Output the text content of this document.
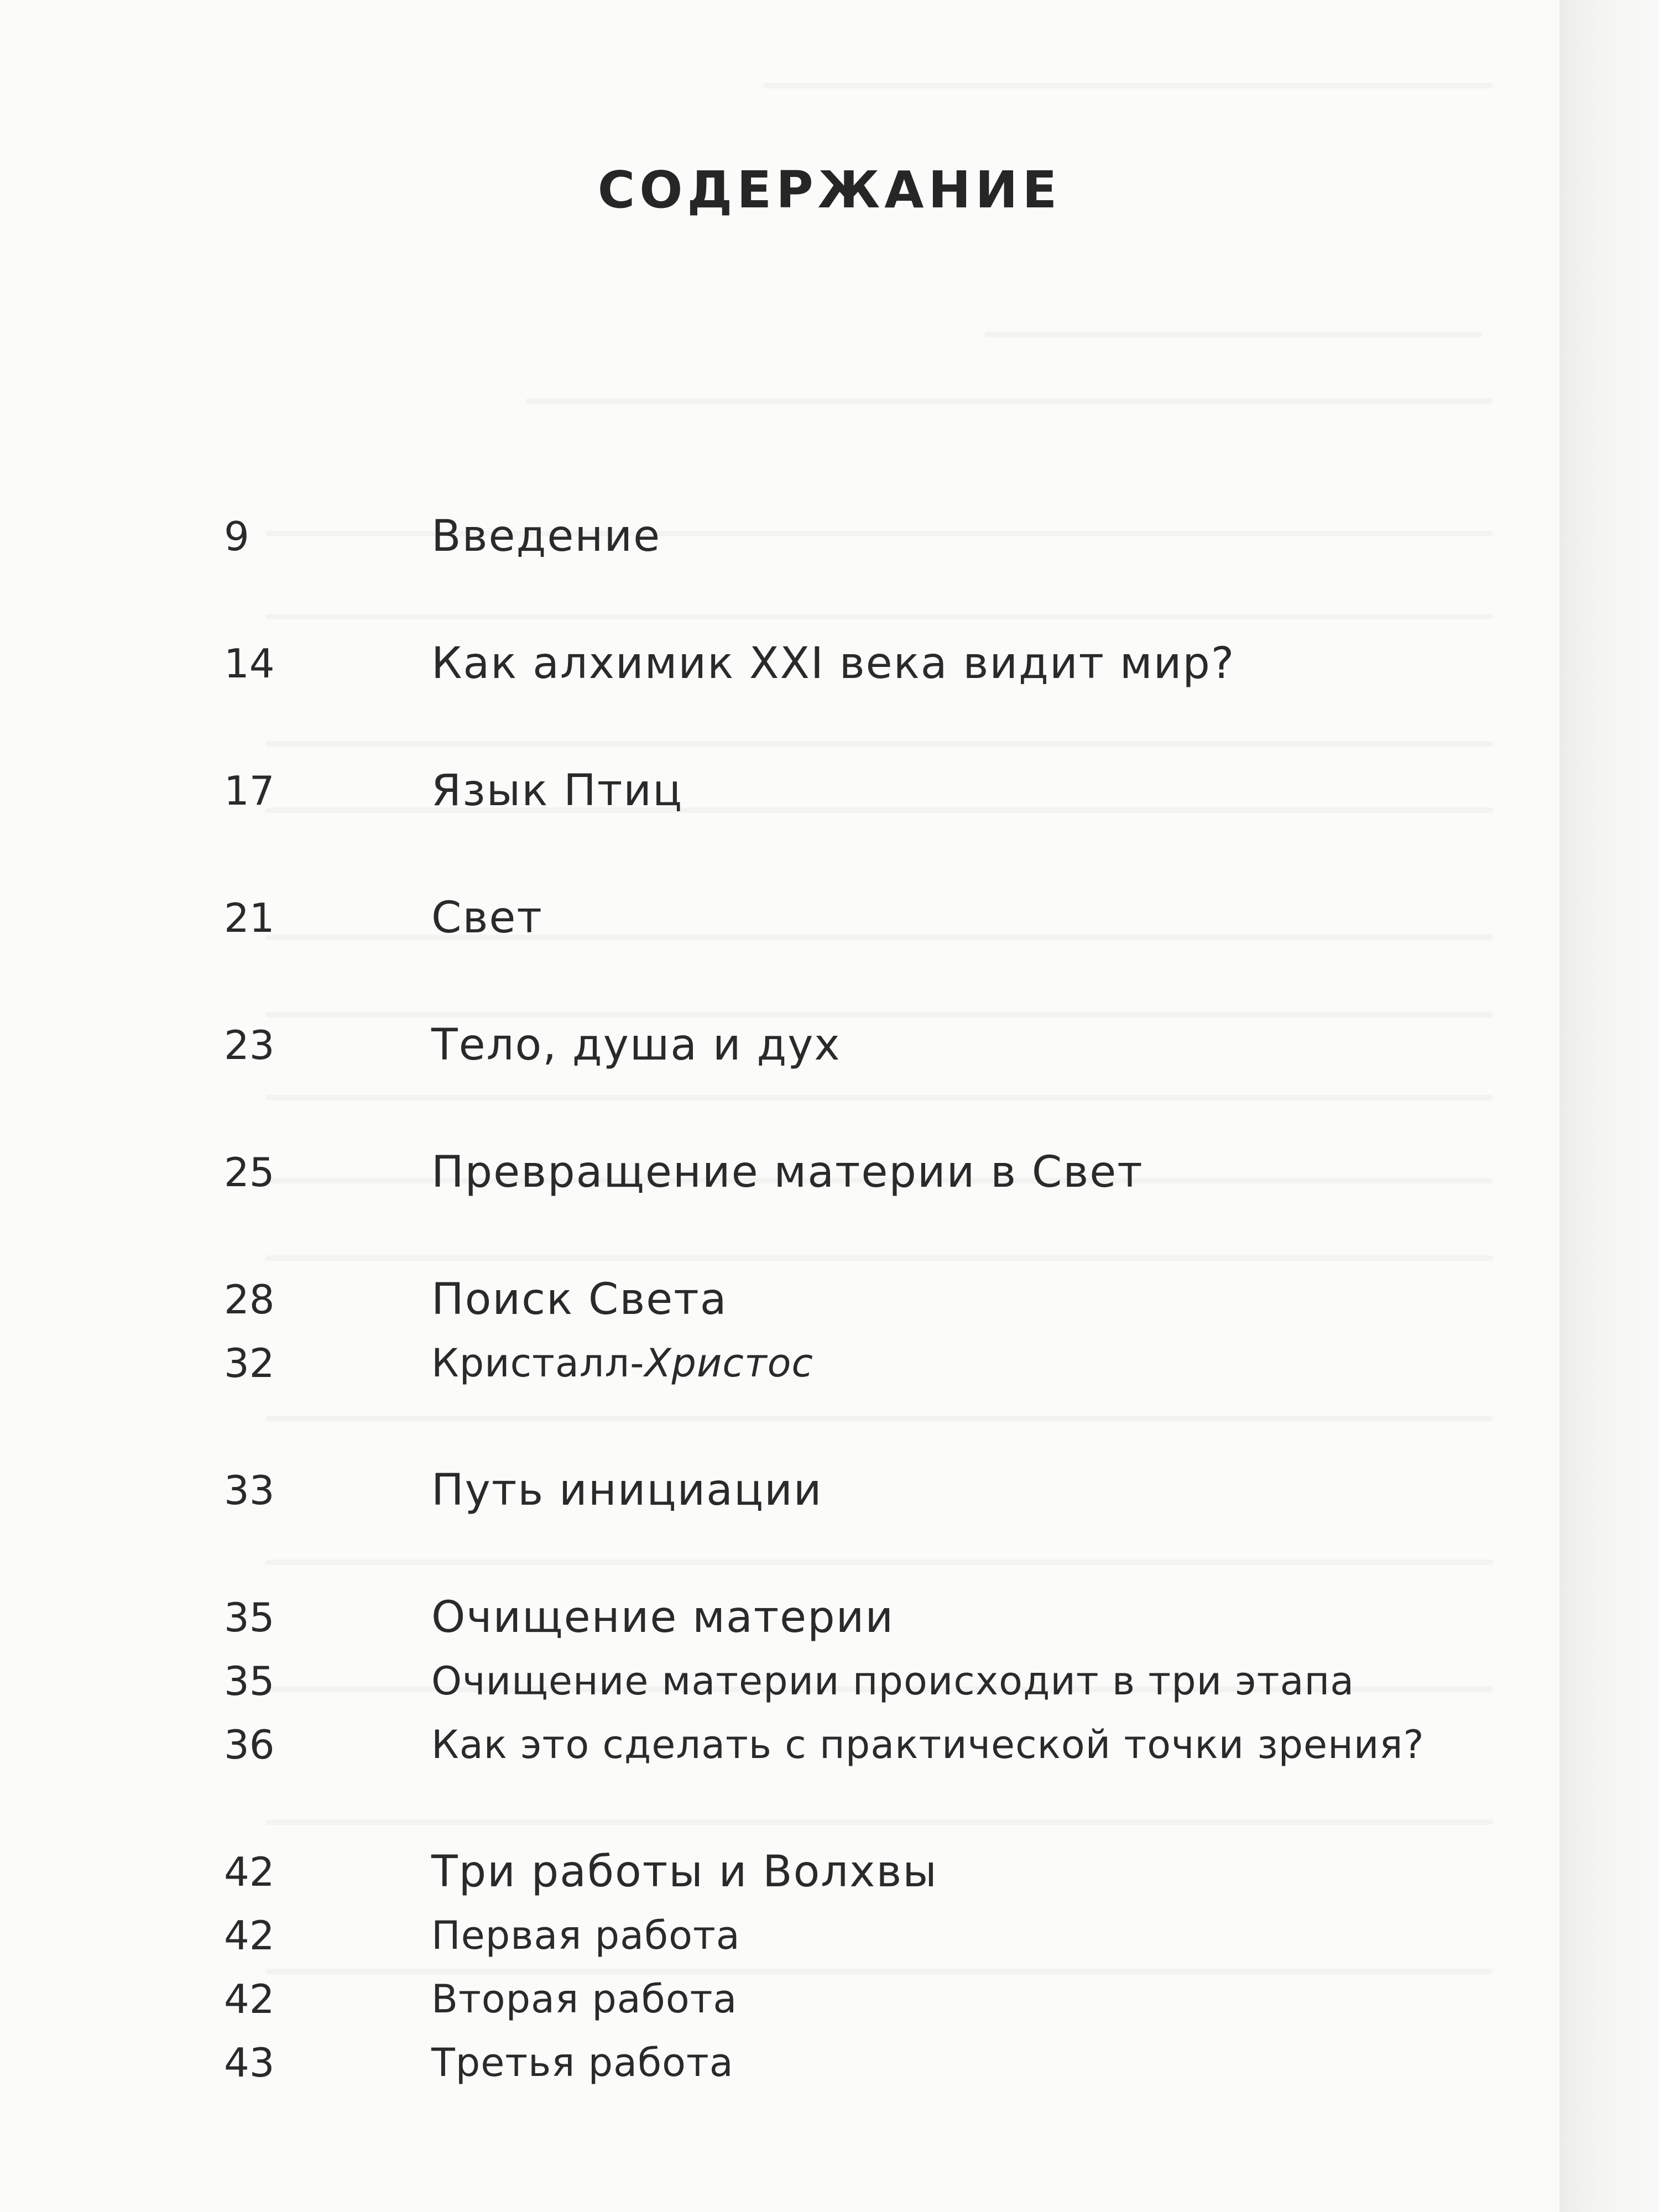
СОДЕРЖАНИЕ
9	Введение
14	Как алхимик XXI века видит мир?
17	Язык Птиц
21	Свет
23	Тело, душа и дух
25	Превращение материи в Свет
28	Поиск Света
32	Кристалл-Христос
33	Путь инициации
35	Очищение материи
35	Очищение материи происходит в три этапа
36	Как это сделать с практической точки зрения?
42	Три работы и Волхвы
42	Первая работа
42	Вторая работа
43	Третья работа
